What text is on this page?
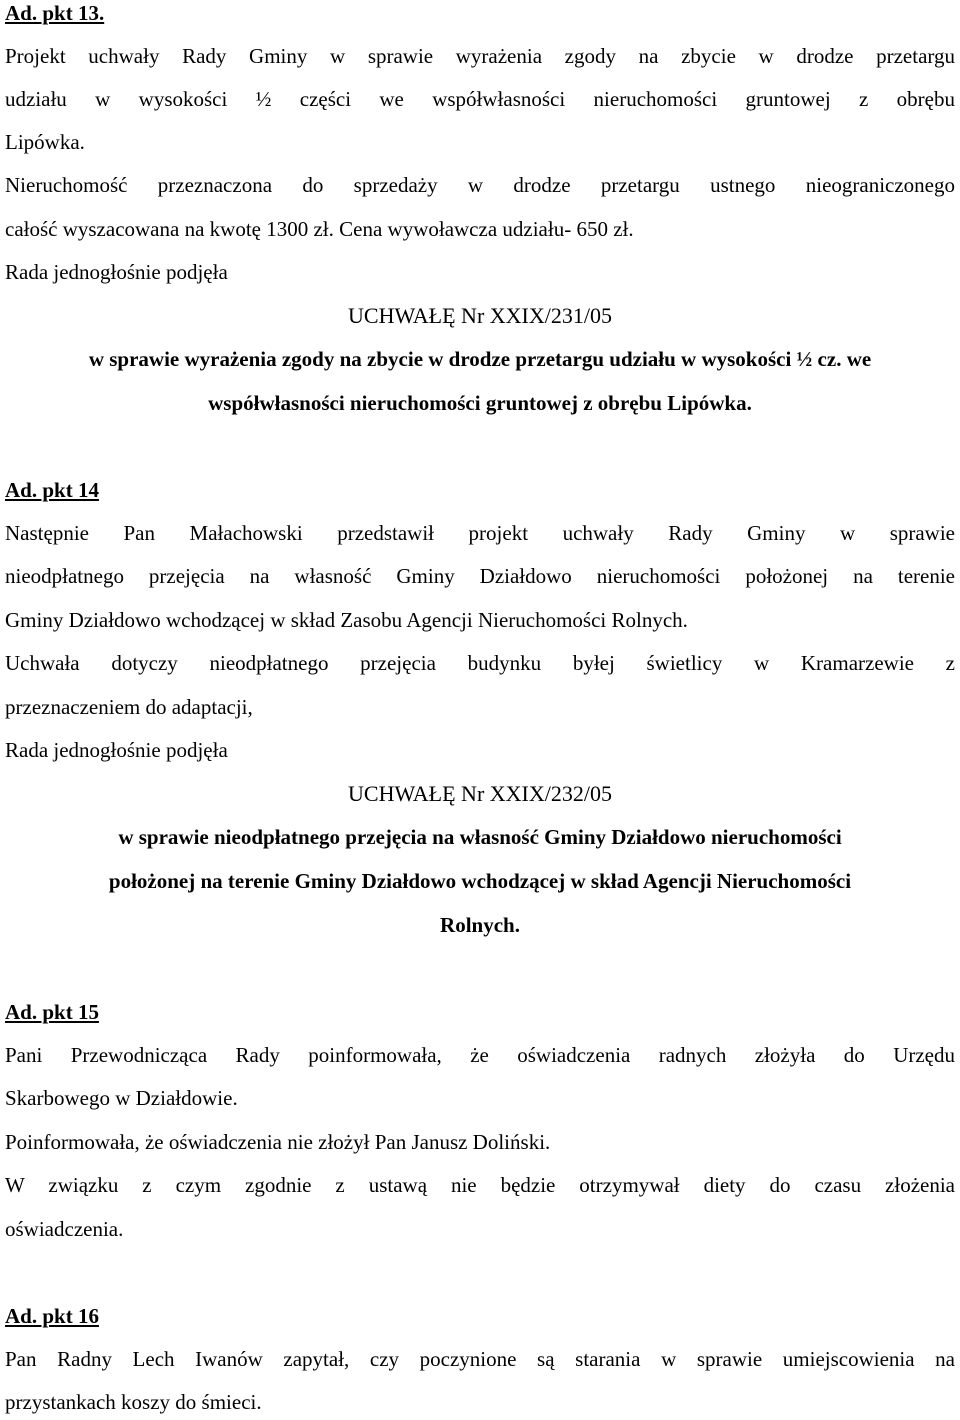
Ad. pkt 13.
Projekt uchwały Rady Gminy w sprawie wyrażenia zgody na zbycie w drodze przetargu
udziału w wysokości ½ części we współwłasności nieruchomości gruntowej z obrębu
Lipówka.
Nieruchomość przeznaczona do sprzedaży w drodze przetargu ustnego nieograniczonego
całość wyszacowana na kwotę 1300 zł. Cena wywoławcza udziału- 650 zł.
Rada jednogłośnie podjęła
UCHWAŁĘ Nr XXIX/231/05
w sprawie wyrażenia zgody na zbycie w drodze przetargu udziału w wysokości ½ cz. we
współwłasności nieruchomości gruntowej z obrębu Lipówka.
Ad. pkt 14
Następnie Pan Małachowski przedstawił projekt uchwały Rady Gminy w sprawie
nieodpłatnego przejęcia na własność Gminy Działdowo nieruchomości położonej na terenie
Gminy Działdowo wchodzącej w skład Zasobu Agencji Nieruchomości Rolnych.
Uchwała dotyczy nieodpłatnego przejęcia budynku byłej świetlicy w Kramarzewie z
przeznaczeniem do adaptacji,
Rada jednogłośnie podjęła
UCHWAŁĘ Nr XXIX/232/05
w sprawie nieodpłatnego przejęcia na własność Gminy Działdowo nieruchomości
położonej na terenie Gminy Działdowo wchodzącej w skład Agencji Nieruchomości
Rolnych.
Ad. pkt 15
Pani Przewodnicząca Rady poinformowała, że oświadczenia radnych złożyła do Urzędu
Skarbowego w Działdowie.
Poinformowała, że oświadczenia nie złożył Pan Janusz Doliński.
W związku z czym zgodnie z ustawą nie będzie otrzymywał diety do czasu złożenia
oświadczenia.
Ad. pkt 16
Pan Radny Lech Iwanów zapytał, czy poczynione są starania w sprawie umiejscowienia na
przystankach koszy do śmieci.
